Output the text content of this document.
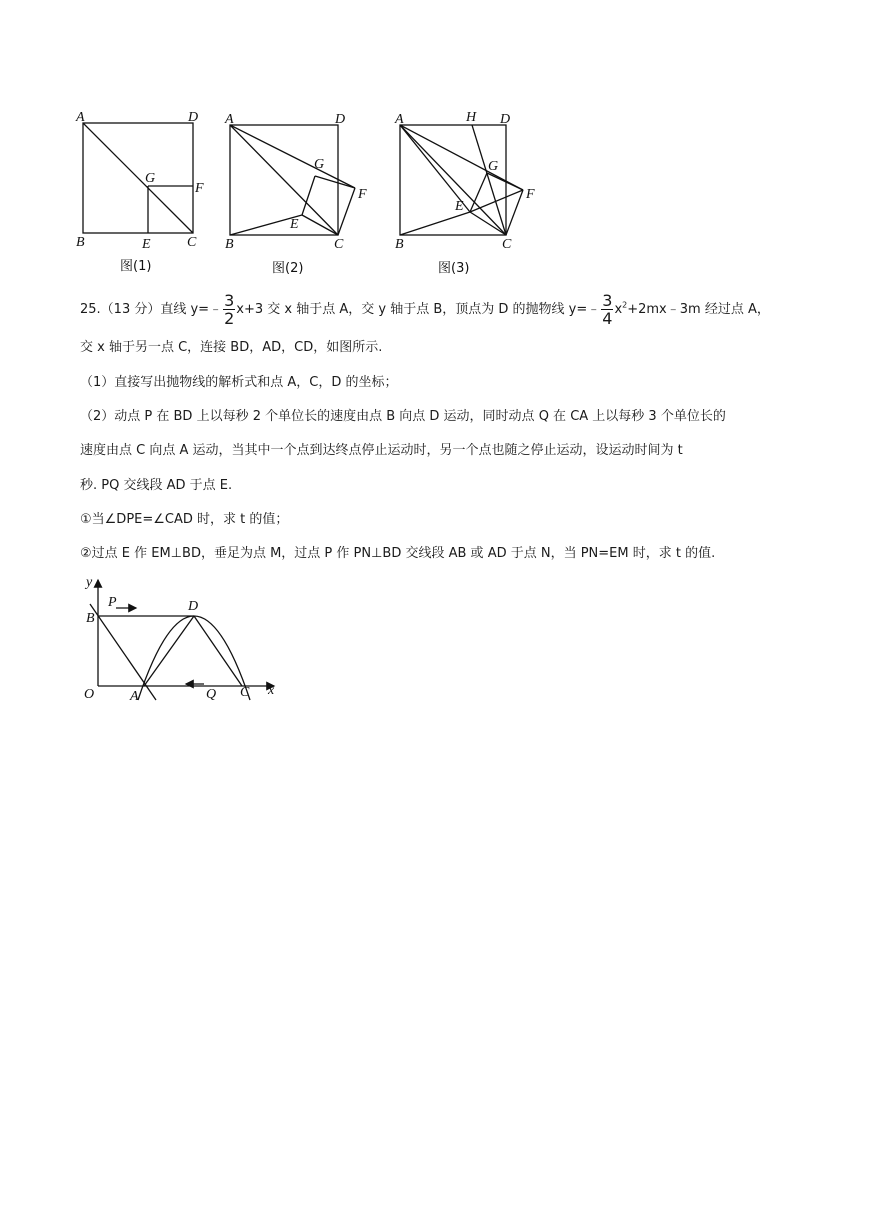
A	D
G
F
B	E	C
图(1)
A	D
G
F
E
B	C
图(2)
A	H D
G
F
E
B	C
图(3)
25.（13 分）直线 y=﹣ $\frac{3}{2} x+3$ 交 x 轴于点 A，交 y 轴于点 B，顶点为 D 的抛物线 y=﹣ $\frac{3}{4}$ $x^2+2mx﹣3m$ 经过点 A，
交 x 轴于另一点 C，连接 BD，AD，CD，如图所示.
（1）直接写出抛物线的解析式和点 A，C，D 的坐标；
（2）动点 P 在 BD 上以每秒 2 个单位长的速度由点 B 向点 D 运动，同时动点 Q 在 CA 上以每秒 3 个单位长的
速度由点 C 向点 A 运动，当其中一个点到达终点停止运动时，另一个点也随之停止运动，设运动时间为 t
秒. PQ 交线段 AD 于点 E.
①当∠DPE=∠CAD 时，求 t 的值；
②过点 E 作 EM⊥BD，垂足为点 M，过点 P 作 PN⊥BD 交线段 AB 或 AD 于点 N，当 PN=EM 时，求 t 的值.
y
x
O
B
P	D
A	Q C
